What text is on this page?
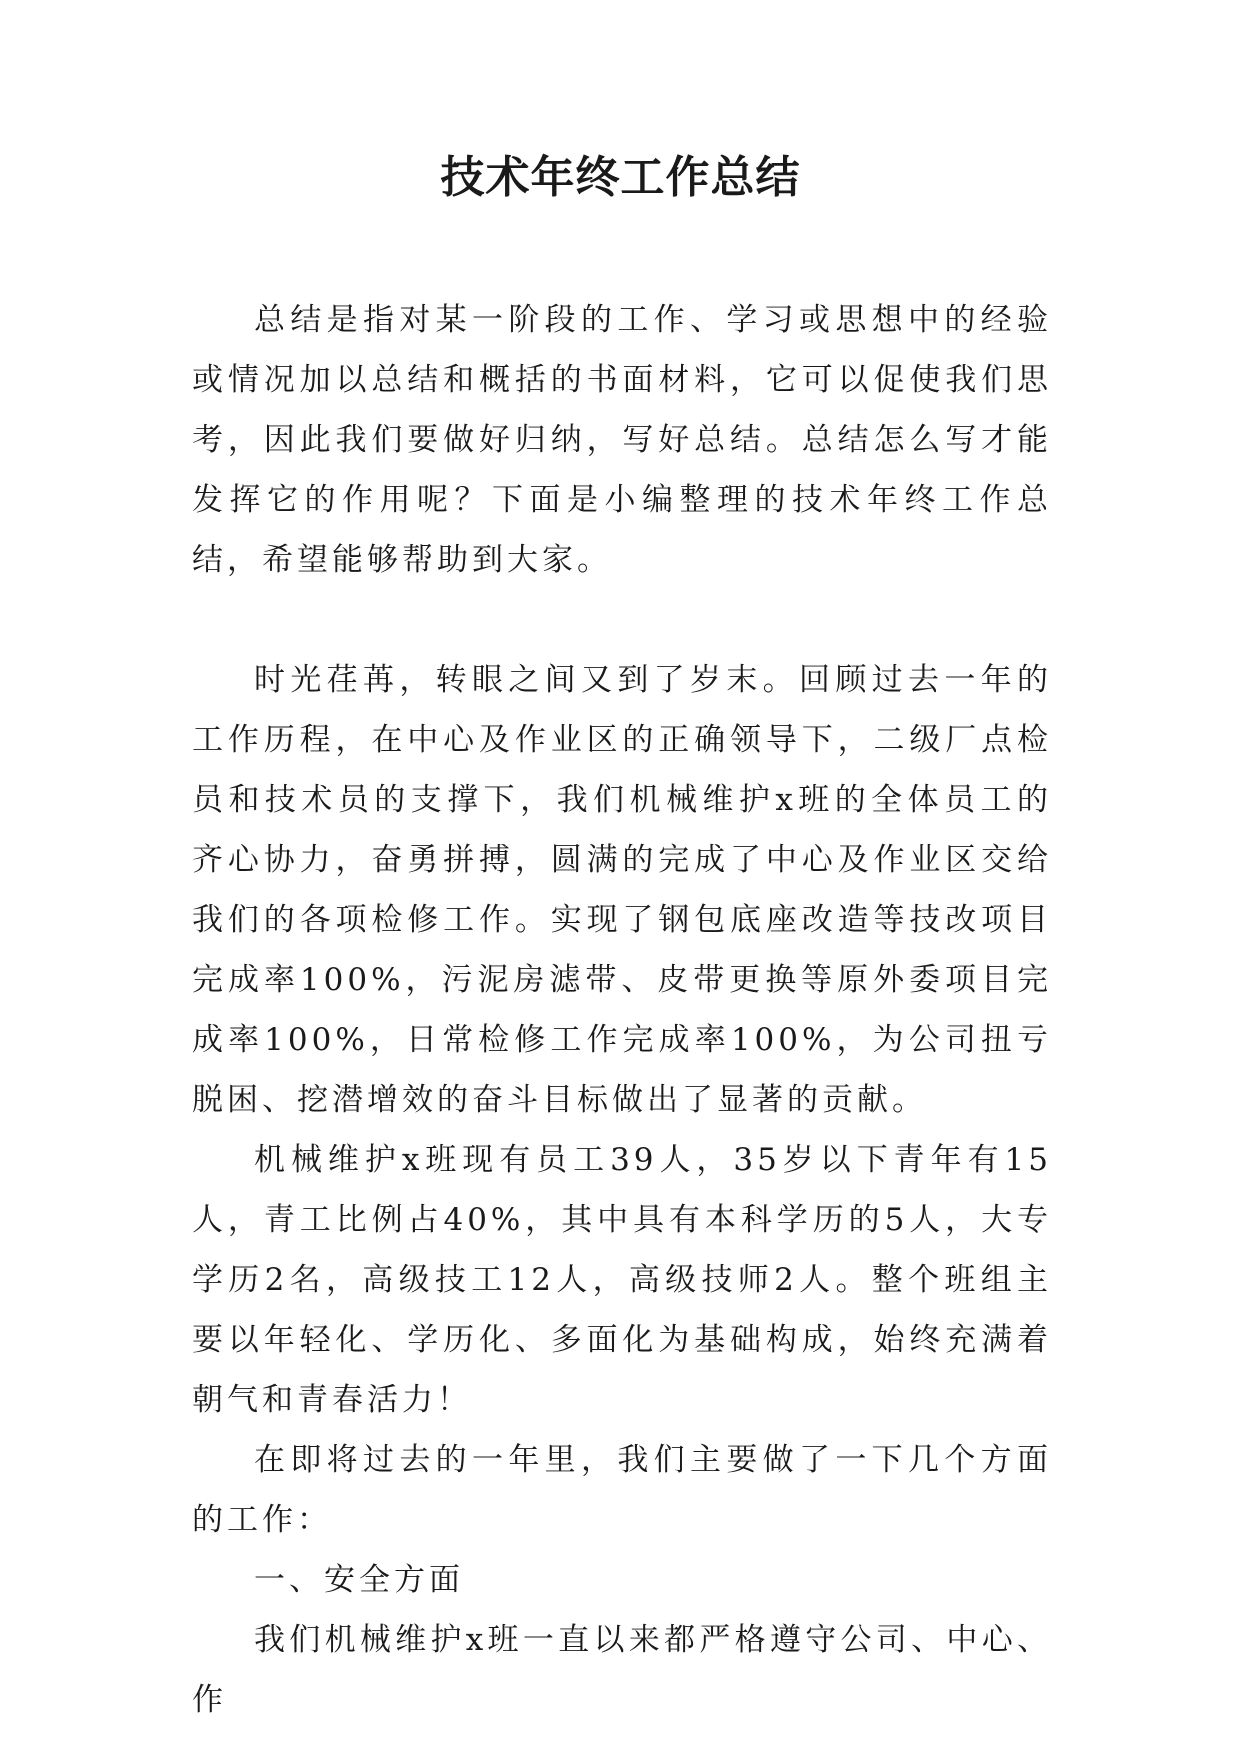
技术年终工作总结

总结是指对某一阶段的工作、学习或思想中的经验或情况加以总结和概括的书面材料，它可以促使我们思考，因此我们要做好归纳，写好总结。总结怎么写才能发挥它的作用呢？下面是小编整理的技术年终工作总结，希望能够帮助到大家。

时光荏苒，转眼之间又到了岁末。回顾过去一年的工作历程，在中心及作业区的正确领导下，二级厂点检员和技术员的支撑下，我们机械维护x班的全体员工的齐心协力，奋勇拼搏，圆满的完成了中心及作业区交给我们的各项检修工作。实现了钢包底座改造等技改项目完成率100%，污泥房滤带、皮带更换等原外委项目完成率100%，日常检修工作完成率100%，为公司扭亏脱困、挖潜增效的奋斗目标做出了显著的贡献。

机械维护x班现有员工39人，35岁以下青年有15人，青工比例占40%，其中具有本科学历的5人，大专学历2名，高级技工12人，高级技师2人。整个班组主要以年轻化、学历化、多面化为基础构成，始终充满着朝气和青春活力！

在即将过去的一年里，我们主要做了一下几个方面的工作：

一、安全方面

我们机械维护x班一直以来都严格遵守公司、中心、作
